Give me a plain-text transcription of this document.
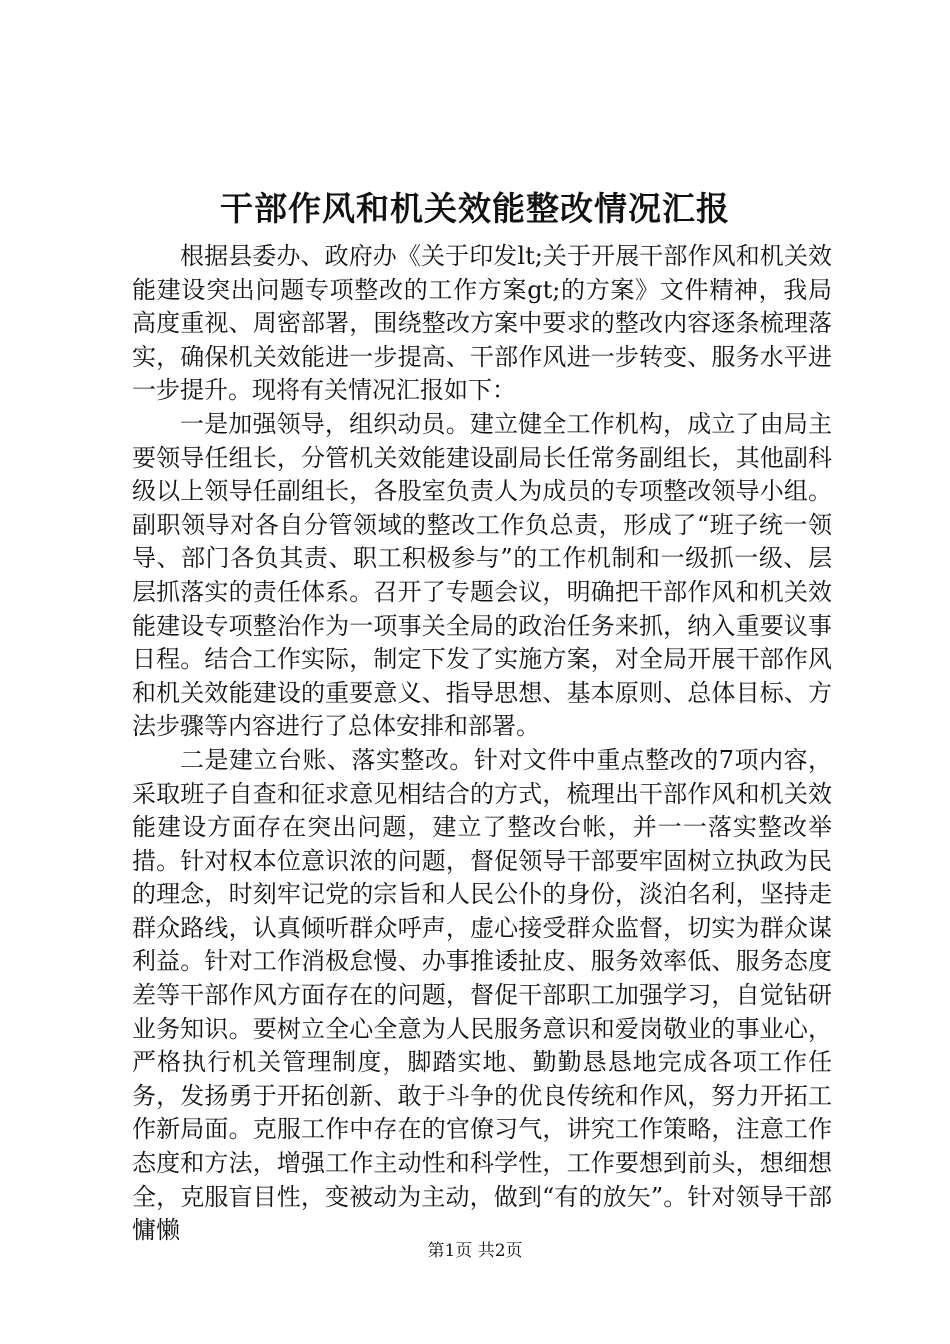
干部作风和机关效能整改情况汇报

根据县委办、政府办《关于印发lt;关于开展干部作风和机关效能建设突出问题专项整改的工作方案gt;的方案》文件精神，我局高度重视、周密部署，围绕整改方案中要求的整改内容逐条梳理落实，确保机关效能进一步提高、干部作风进一步转变、服务水平进一步提升。现将有关情况汇报如下：

一是加强领导，组织动员。建立健全工作机构，成立了由局主要领导任组长，分管机关效能建设副局长任常务副组长，其他副科级以上领导任副组长，各股室负责人为成员的专项整改领导小组。副职领导对各自分管领域的整改工作负总责，形成了“班子统一领导、部门各负其责、职工积极参与”的工作机制和一级抓一级、层层抓落实的责任体系。召开了专题会议，明确把干部作风和机关效能建设专项整治作为一项事关全局的政治任务来抓，纳入重要议事日程。结合工作实际，制定下发了实施方案，对全局开展干部作风和机关效能建设的重要意义、指导思想、基本原则、总体目标、方法步骤等内容进行了总体安排和部署。

二是建立台账、落实整改。针对文件中重点整改的7项内容，采取班子自查和征求意见相结合的方式，梳理出干部作风和机关效能建设方面存在突出问题，建立了整改台帐，并一一落实整改举措。针对权本位意识浓的问题，督促领导干部要牢固树立执政为民的理念，时刻牢记党的宗旨和人民公仆的身份，淡泊名利，坚持走群众路线，认真倾听群众呼声，虚心接受群众监督，切实为群众谋利益。针对工作消极怠慢、办事推诿扯皮、服务效率低、服务态度差等干部作风方面存在的问题，督促干部职工加强学习，自觉钻研业务知识。要树立全心全意为人民服务意识和爱岗敬业的事业心，严格执行机关管理制度，脚踏实地、勤勤恳恳地完成各项工作任务，发扬勇于开拓创新、敢于斗争的优良传统和作风，努力开拓工作新局面。克服工作中存在的官僚习气，讲究工作策略，注意工作态度和方法，增强工作主动性和科学性，工作要想到前头，想细想全，克服盲目性，变被动为主动，做到“有的放矢”。针对领导干部慵懒

第1页 共2页
